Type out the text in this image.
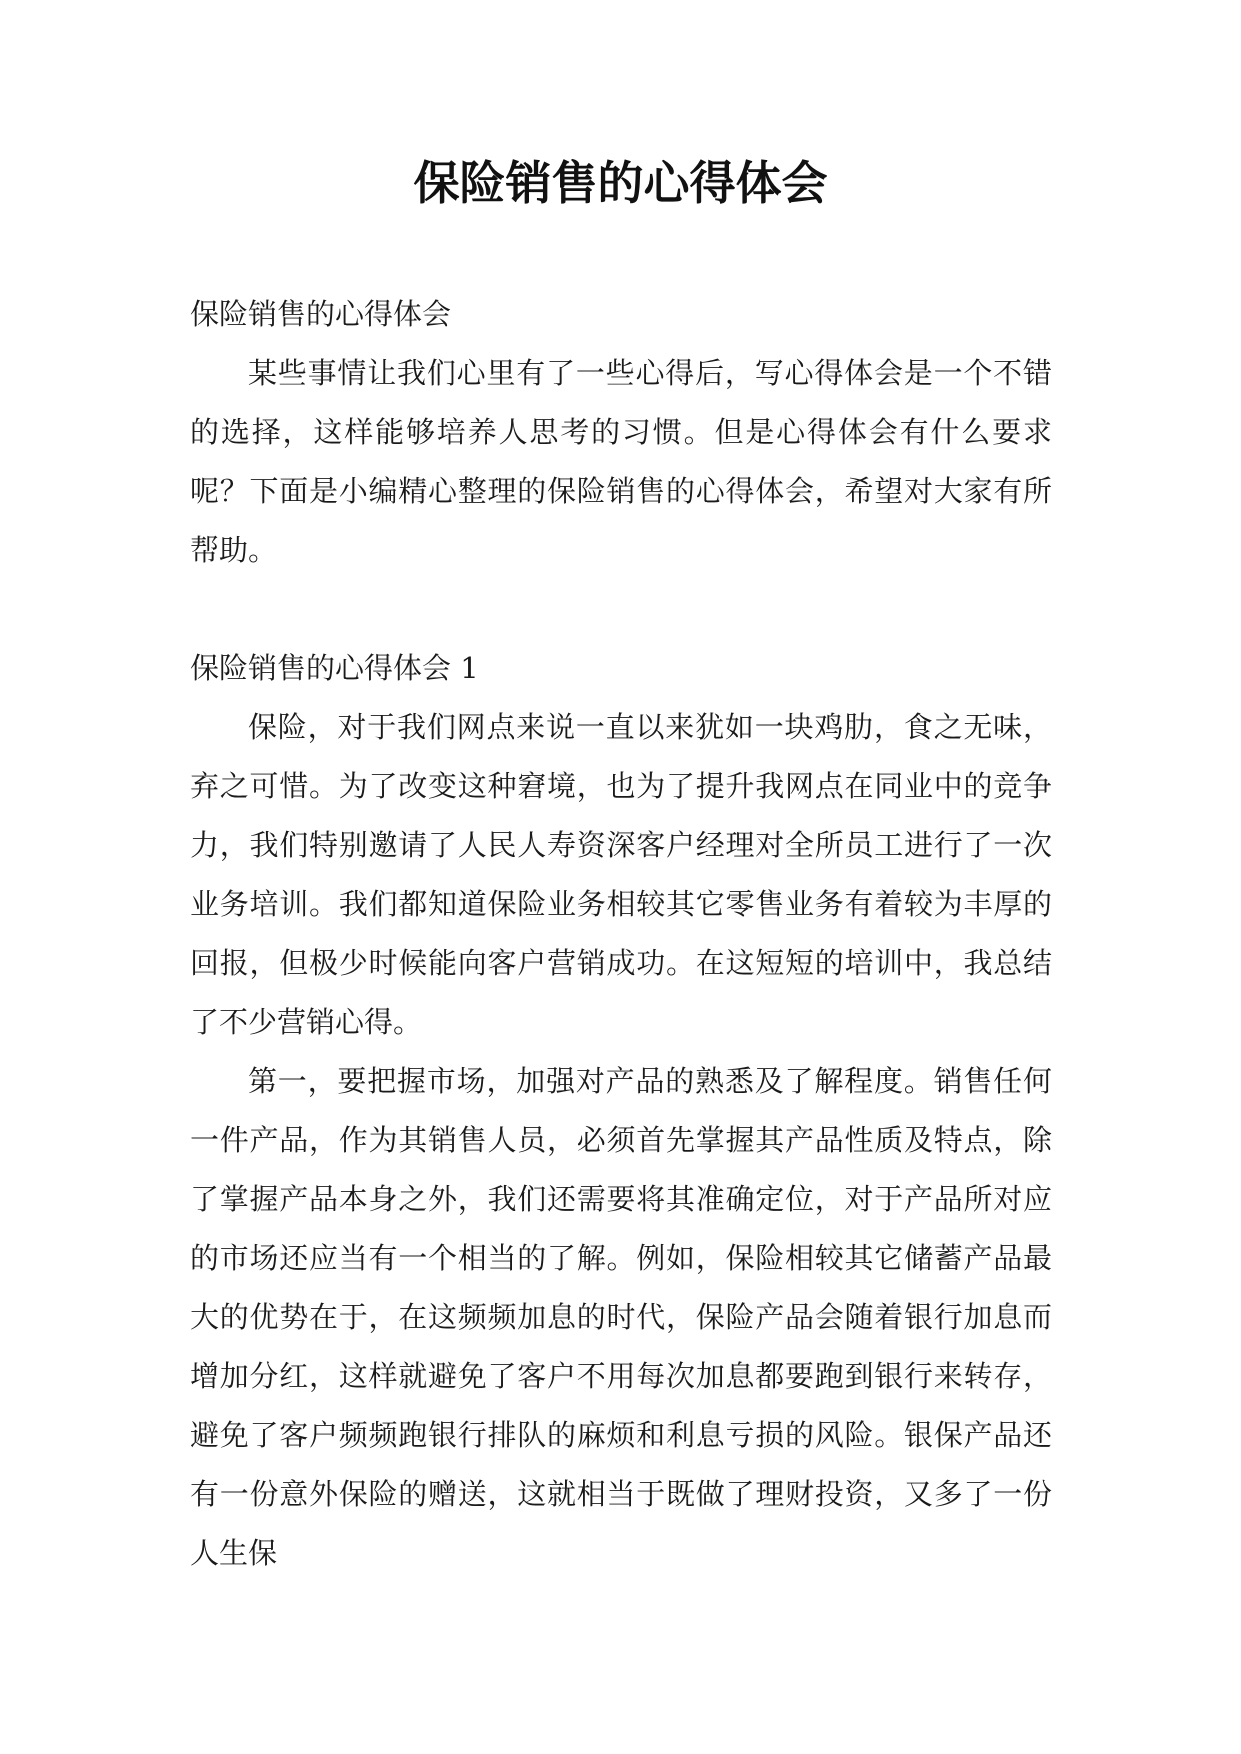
保险销售的心得体会

保险销售的心得体会

某些事情让我们心里有了一些心得后，写心得体会是一个不错的选择，这样能够培养人思考的习惯。但是心得体会有什么要求呢？下面是小编精心整理的保险销售的心得体会，希望对大家有所帮助。

保险销售的心得体会 1

保险，对于我们网点来说一直以来犹如一块鸡肋，食之无味，弃之可惜。为了改变这种窘境，也为了提升我网点在同业中的竞争力，我们特别邀请了人民人寿资深客户经理对全所员工进行了一次业务培训。我们都知道保险业务相较其它零售业务有着较为丰厚的回报，但极少时候能向客户营销成功。在这短短的培训中，我总结了不少营销心得。

第一，要把握市场，加强对产品的熟悉及了解程度。销售任何一件产品，作为其销售人员，必须首先掌握其产品性质及特点，除了掌握产品本身之外，我们还需要将其准确定位，对于产品所对应的市场还应当有一个相当的了解。例如，保险相较其它储蓄产品最大的优势在于，在这频频加息的时代，保险产品会随着银行加息而增加分红，这样就避免了客户不用每次加息都要跑到银行来转存，避免了客户频频跑银行排队的麻烦和利息亏损的风险。银保产品还有一份意外保险的赠送，这就相当于既做了理财投资，又多了一份人生保
